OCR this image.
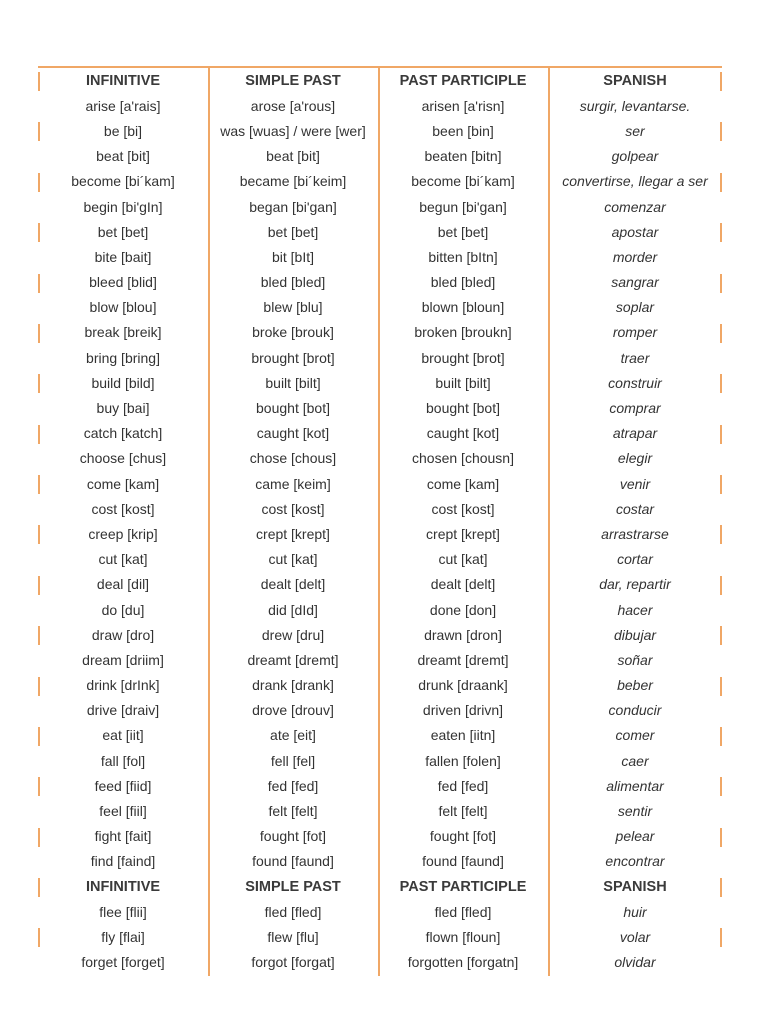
INFINITIVE	SIMPLE PAST	PAST PARTICIPLE	SPANISH
arise [a'rais]	arose [a'rous]	arisen [a'risn]	surgir, levantarse.
be [bi]	was [wuas] / were [wer]	been [bin]	ser
beat [bit]	beat [bit]	beaten [bitn]	golpear
become [bi´kam]	became [bi´keim]	become [bi´kam]	convertirse, llegar a ser
begin [bi'gIn]	began [bi'gan]	begun [bi'gan]	comenzar
bet [bet]	bet [bet]	bet [bet]	apostar
bite [bait]	bit [bIt]	bitten [bItn]	morder
bleed [blid]	bled [bled]	bled [bled]	sangrar
blow [blou]	blew [blu]	blown [bloun]	soplar
break [breik]	broke [brouk]	broken [broukn]	romper
bring [bring]	brought [brot]	brought [brot]	traer
build [bild]	built [bilt]	built [bilt]	construir
buy [bai]	bought [bot]	bought [bot]	comprar
catch [katch]	caught [kot]	caught [kot]	atrapar
choose [chus]	chose [chous]	chosen [chousn]	elegir
come [kam]	came [keim]	come [kam]	venir
cost [kost]	cost [kost]	cost [kost]	costar
creep [krip]	crept [krept]	crept [krept]	arrastrarse
cut [kat]	cut [kat]	cut [kat]	cortar
deal [dil]	dealt [delt]	dealt [delt]	dar, repartir
do [du]	did [dId]	done [don]	hacer
draw [dro]	drew [dru]	drawn [dron]	dibujar
dream [driim]	dreamt [dremt]	dreamt [dremt]	soñar
drink [drInk]	drank [drank]	drunk [draank]	beber
drive [draiv]	drove [drouv]	driven [drivn]	conducir
eat [iit]	ate [eit]	eaten [iitn]	comer
fall [fol]	fell [fel]	fallen [folen]	caer
feed [fiid]	fed [fed]	fed [fed]	alimentar
feel [fiil]	felt [felt]	felt [felt]	sentir
fight [fait]	fought [fot]	fought [fot]	pelear
find [faind]	found [faund]	found [faund]	encontrar
INFINITIVE	SIMPLE PAST	PAST PARTICIPLE	SPANISH
flee [flii]	fled [fled]	fled [fled]	huir
fly [flai]	flew [flu]	flown [floun]	volar
forget [forget]	forgot [forgat]	forgotten [forgatn]	olvidar
